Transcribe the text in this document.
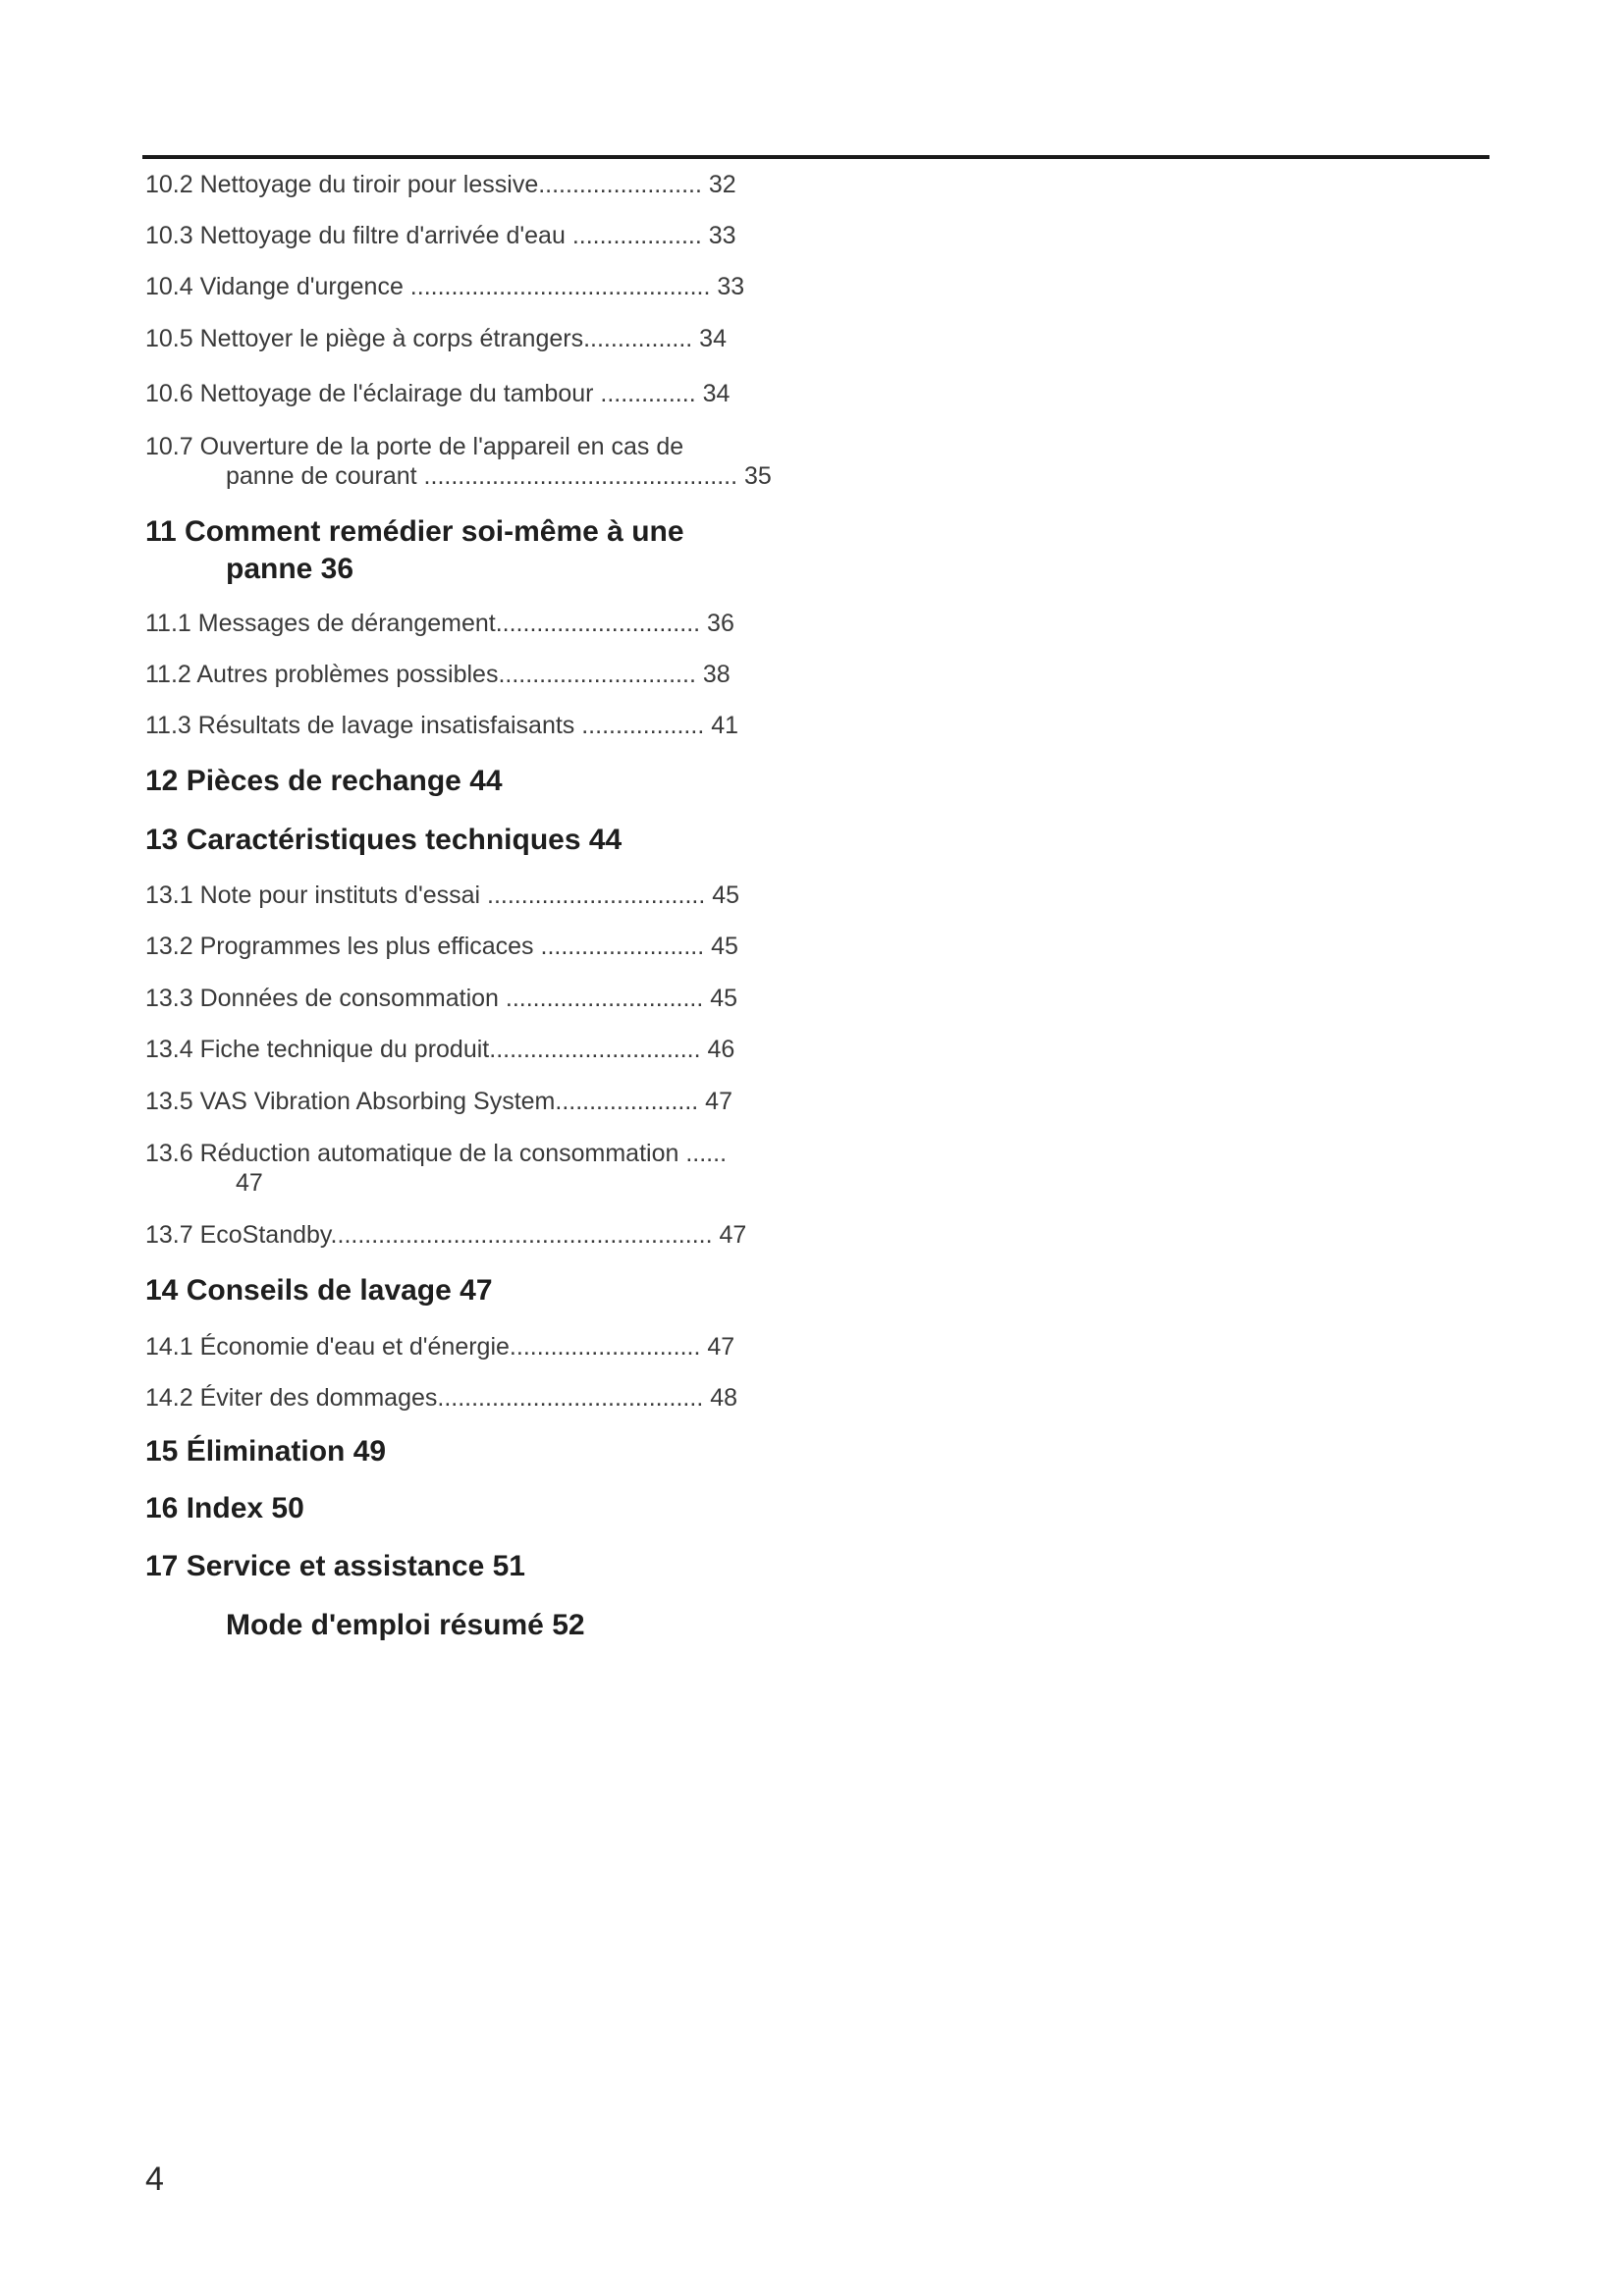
10.2 Nettoyage du tiroir pour lessive........................ 32
10.3 Nettoyage du filtre d'arrivée d'eau ................... 33
10.4 Vidange d'urgence ............................................ 33
10.5 Nettoyer le piège à corps étrangers................ 34
10.6 Nettoyage de l'éclairage du tambour .............. 34
10.7 Ouverture de la porte de l'appareil en cas de
panne de courant .............................................. 35
11 Comment remédier soi-même à une
panne 36
11.1 Messages de dérangement.............................. 36
11.2 Autres problèmes possibles............................. 38
11.3 Résultats de lavage insatisfaisants .................. 41
12 Pièces de rechange 44
13 Caractéristiques techniques 44
13.1 Note pour instituts d'essai ................................ 45
13.2 Programmes les plus efficaces ........................ 45
13.3 Données de consommation ............................. 45
13.4 Fiche technique du produit............................... 46
13.5 VAS Vibration Absorbing System..................... 47
13.6 Réduction automatique de la consommation ......
47
13.7 EcoStandby........................................................ 47
14 Conseils de lavage 47
14.1 Économie d'eau et d'énergie............................ 47
14.2 Éviter des dommages....................................... 48
15 Élimination 49
16 Index 50
17 Service et assistance 51
Mode d'emploi résumé 52
4
